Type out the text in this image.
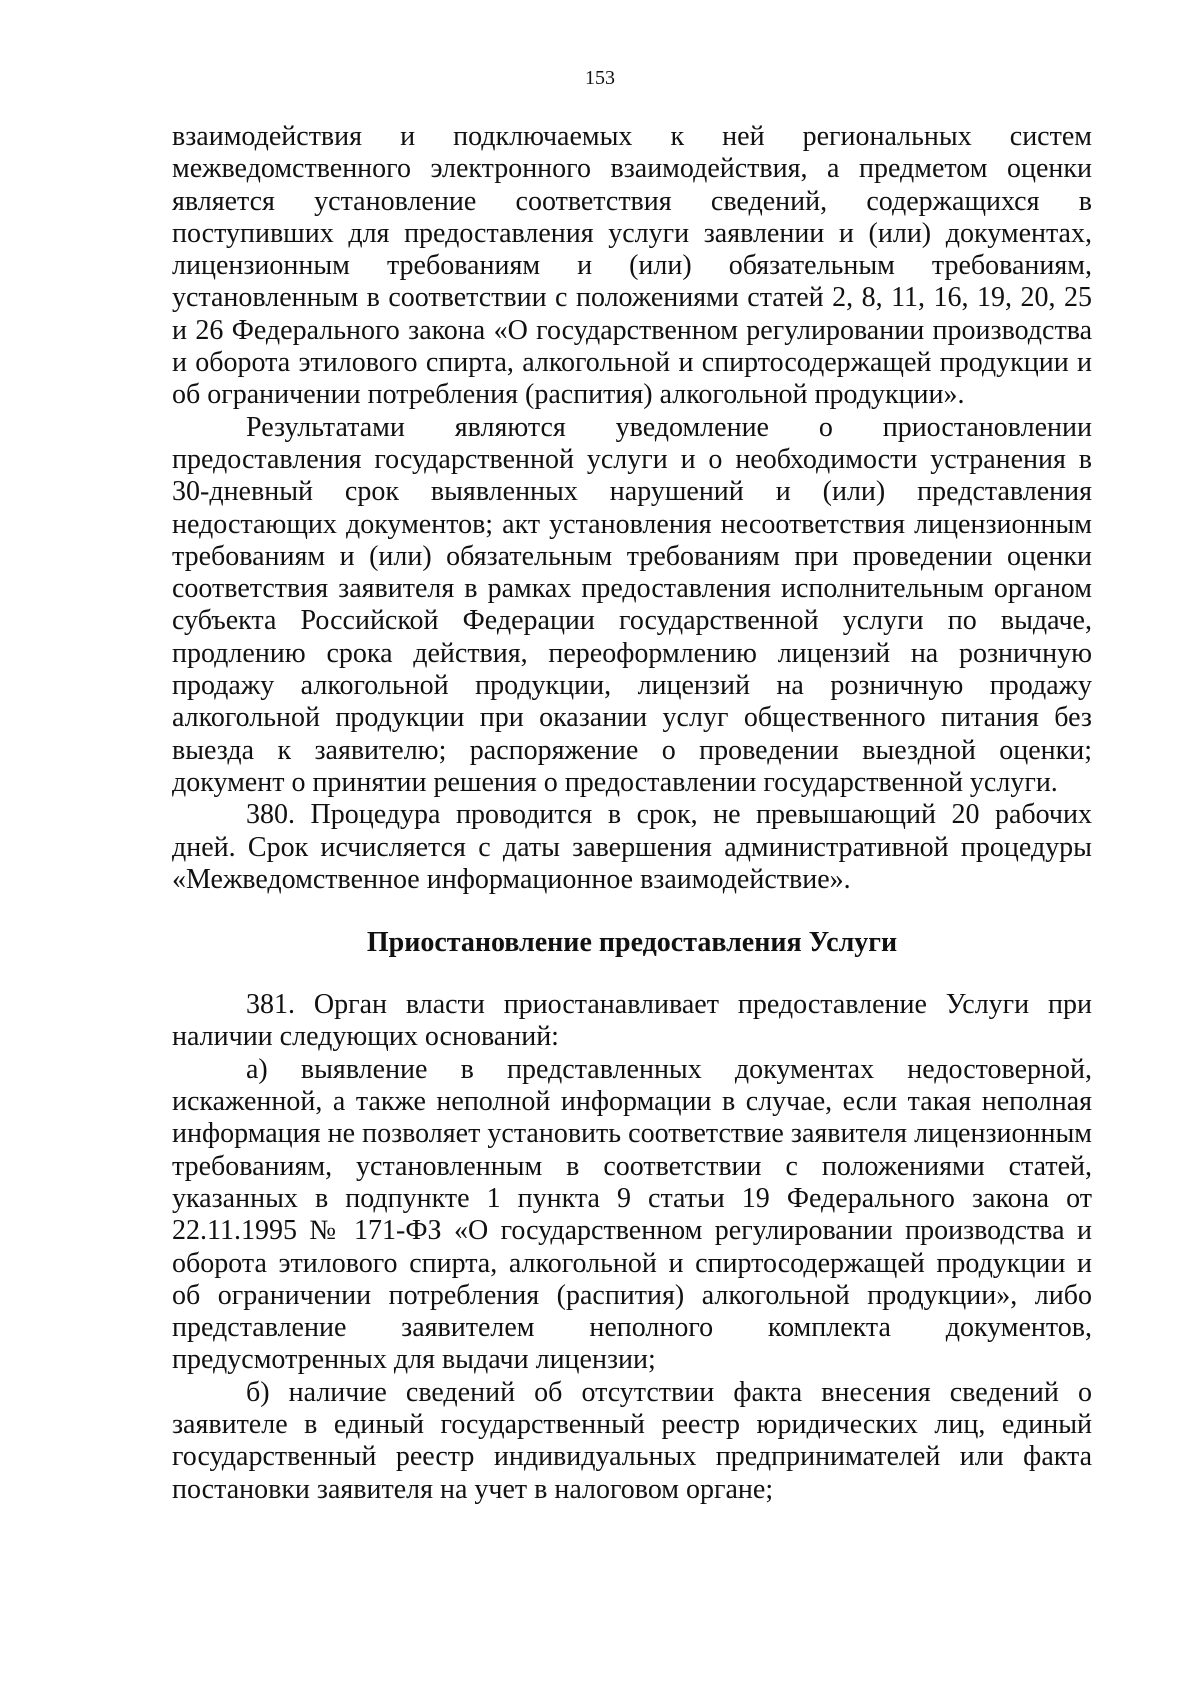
153

взаимодействия и подключаемых к ней региональных систем межведомственного электронного взаимодействия, а предметом оценки является установление соответствия сведений, содержащихся в поступивших для предоставления услуги заявлении и (или) документах, лицензионным требованиям и (или) обязательным требованиям, установленным в соответствии с положениями статей 2, 8, 11, 16, 19, 20, 25 и 26 Федерального закона «О государственном регулировании производства и оборота этилового спирта, алкогольной и спиртосодержащей продукции и об ограничении потребления (распития) алкогольной продукции».

Результатами являются уведомление о приостановлении предоставления государственной услуги и о необходимости устранения в 30-дневный срок выявленных нарушений и (или) представления недостающих документов; акт установления несоответствия лицензионным требованиям и (или) обязательным требованиям при проведении оценки соответствия заявителя в рамках предоставления исполнительным органом субъекта Российской Федерации государственной услуги по выдаче, продлению срока действия, переоформлению лицензий на розничную продажу алкогольной продукции, лицензий на розничную продажу алкогольной продукции при оказании услуг общественного питания без выезда к заявителю; распоряжение о проведении выездной оценки; документ о принятии решения о предоставлении государственной услуги.

380. Процедура проводится в срок, не превышающий 20 рабочих дней. Срок исчисляется с даты завершения административной процедуры «Межведомственное информационное взаимодействие».

Приостановление предоставления Услуги

381. Орган власти приостанавливает предоставление Услуги при наличии следующих оснований:

а) выявление в представленных документах недостоверной, искаженной, а также неполной информации в случае, если такая неполная информация не позволяет установить соответствие заявителя лицензионным требованиям, установленным в соответствии с положениями статей, указанных в подпункте 1 пункта 9 статьи 19 Федерального закона от 22.11.1995 № 171-ФЗ «О государственном регулировании производства и оборота этилового спирта, алкогольной и спиртосодержащей продукции и об ограничении потребления (распития) алкогольной продукции», либо представление заявителем неполного комплекта документов, предусмотренных для выдачи лицензии;

б) наличие сведений об отсутствии факта внесения сведений о заявителе в единый государственный реестр юридических лиц, единый государственный реестр индивидуальных предпринимателей или факта постановки заявителя на учет в налоговом органе;
